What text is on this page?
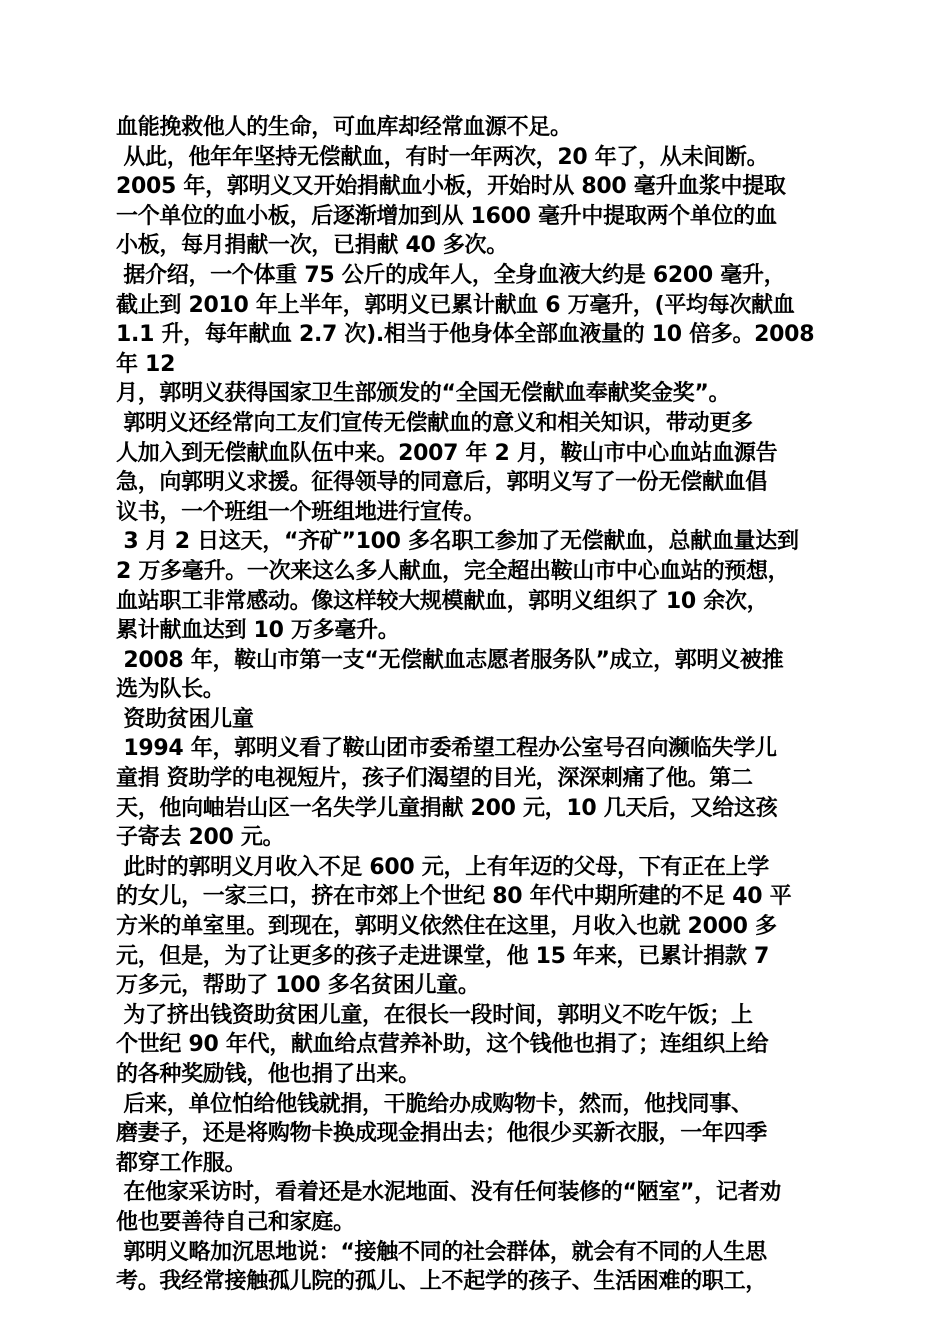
血能挽救他人的生命，可血库却经常血源不足。
从此，他年年坚持无偿献血，有时一年两次，20 年了，从未间断。
2005 年，郭明义又开始捐献血小板，开始时从 800 毫升血浆中提取
一个单位的血小板，后逐渐增加到从 1600 毫升中提取两个单位的血
小板，每月捐献一次，已捐献 40 多次。
据介绍，一个体重 75 公斤的成年人，全身血液大约是 6200 毫升，
截止到 2010 年上半年，郭明义已累计献血 6 万毫升，(平均每次献血
1.1 升，每年献血 2.7 次).相当于他身体全部血液量的 10 倍多。2008
年 12
月，郭明义获得国家卫生部颁发的“全国无偿献血奉献奖金奖”。
郭明义还经常向工友们宣传无偿献血的意义和相关知识，带动更多
人加入到无偿献血队伍中来。2007 年 2 月，鞍山市中心血站血源告
急，向郭明义求援。征得领导的同意后，郭明义写了一份无偿献血倡
议书，一个班组一个班组地进行宣传。
3 月 2 日这天，“齐矿”100 多名职工参加了无偿献血，总献血量达到
2 万多毫升。一次来这么多人献血，完全超出鞍山市中心血站的预想，
血站职工非常感动。像这样较大规模献血，郭明义组织了 10 余次，
累计献血达到 10 万多毫升。
2008 年，鞍山市第一支“无偿献血志愿者服务队”成立，郭明义被推
选为队长。
资助贫困儿童
1994 年，郭明义看了鞍山团市委希望工程办公室号召向濒临失学儿
童捐 资助学的电视短片，孩子们渴望的目光，深深刺痛了他。第二
天，他向岫岩山区一名失学儿童捐献 200 元，10 几天后，又给这孩
子寄去 200 元。
此时的郭明义月收入不足 600 元，上有年迈的父母，下有正在上学
的女儿，一家三口，挤在市郊上个世纪 80 年代中期所建的不足 40 平
方米的单室里。到现在，郭明义依然住在这里，月收入也就 2000 多
元，但是，为了让更多的孩子走进课堂，他 15 年来，已累计捐款 7
万多元，帮助了 100 多名贫困儿童。
为了挤出钱资助贫困儿童，在很长一段时间，郭明义不吃午饭；上
个世纪 90 年代，献血给点营养补助，这个钱他也捐了；连组织上给
的各种奖励钱，他也捐了出来。
后来，单位怕给他钱就捐，干脆给办成购物卡，然而，他找同事、
磨妻子，还是将购物卡换成现金捐出去；他很少买新衣服，一年四季
都穿工作服。
在他家采访时，看着还是水泥地面、没有任何装修的“陋室”，记者劝
他也要善待自己和家庭。
郭明义略加沉思地说：“接触不同的社会群体，就会有不同的人生思
考。我经常接触孤儿院的孤儿、上不起学的孩子、生活困难的职工，
